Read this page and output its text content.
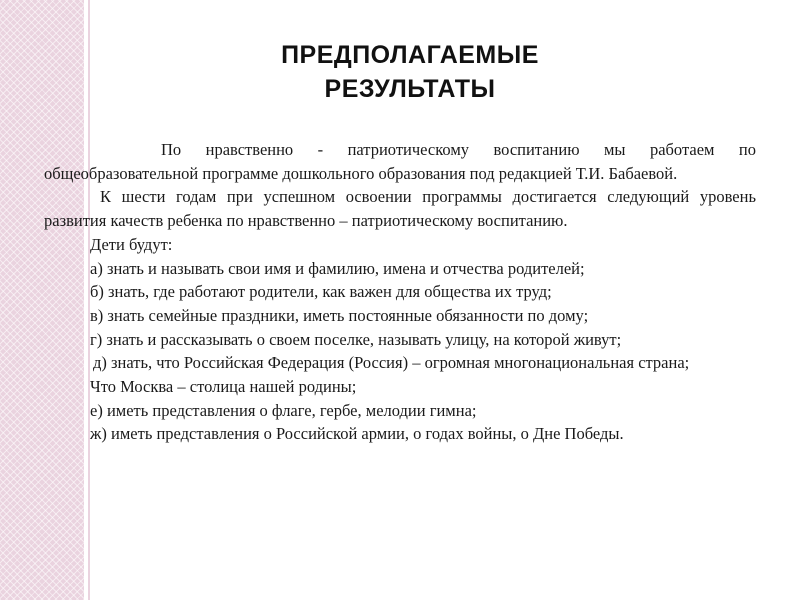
ПРЕДПОЛАГАЕМЫЕ
РЕЗУЛЬТАТЫ

По нравственно - патриотическому воспитанию мы работаем по общеобразовательной программе дошкольного образования под редакцией Т.И. Бабаевой.

К шести годам при успешном освоении программы достигается следующий уровень развития качеств ребенка по нравственно – патриотическому воспитанию.

Дети будут:

а) знать и называть свои имя и фамилию, имена и отчества родителей;

б) знать, где работают родители, как важен для общества их труд;

в) знать семейные праздники, иметь постоянные обязанности по дому;

г) знать и рассказывать о своем поселке, называть улицу, на которой живут;

д) знать, что Российская Федерация (Россия) – огромная многонациональная страна;

Что Москва – столица нашей родины;

е) иметь представления о флаге, гербе, мелодии гимна;

ж) иметь представления о Российской армии, о годах войны, о Дне Победы.
